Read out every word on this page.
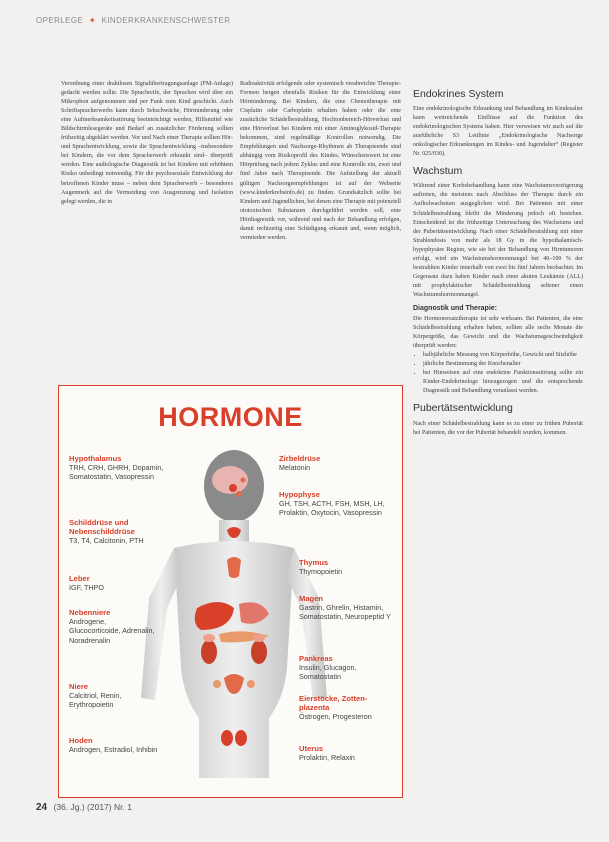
OPERLEGE ✦ KINDERKRANKENSCHWESTER

Verordnung einer drahtlosen Signalübertragungsanlage (FM-Anlage) gedacht werden sollte. Die Sprachreife, der Sprachen wird über ein Mikrophon aufgenommen und per Funk zum Kind geschickt. Auch Schriftspracherwerbs kann durch Sehschwäche, Hörminderung oder eine Aufmerksamkeitsstörung beeinträchtigt werden, Hilfsmittel wie Bildschirmlesegeräte und Bedarf an zusätzlicher Förderung sollten frühzeitig abgeklärt werden. Vor und Nach einer Therapie sollten Hör- und Sprachentwicklung, sowie die Sprachentwicklung –insbesondere bei Kindern, die vor dem Spracherwerb erkrankt sind– überprüft werden. Eine audiologische Diagnostik ist bei Kindern mit erhöhtem Risiko unbedingt notwendig. Für die psychosoziale Entwicklung der betroffenen Kinder muss – neben dem Spracherwerb – besonderes Augenmerk auf die Vermeidung von Ausgrenzung und Isolation gelegt werden, die in

Radioaktivität erfolgende oder systemisch verabreichte Therapie-Formen bergen ebenfalls Risiken für die Entwicklung einer Hörminderung. Bei Kindern, die eine Chemotherapie mit Cisplatin oder Carboplatin erhalten haben oder die eine zusätzliche Schädelbestrahlung, Hochtonbereich-Hörverlust und eine Hörverlust bei Kindern mit einer Aminoglykosid-Therapie bekommen, sind regelmäßige Kontrollen notwendig. Die Empfehlungen und Nachsorge-Rhythmen ab Therapieende sind abhängig vom Risikoprofil des Kindes. Wünschenswert ist eine Hörprüfung nach jedem Zyklus und eine Kontrolle ein, zwei und fünf Jahre nach Therapieende. Die Aufstellung der aktuell gültigen Nachsorgeempfehlungen ist auf der Webseite (www.kinderkrebsinfo.de) zu finden. Grundsätzlich sollte bei Kindern und Jugendlichen, bei denen eine Therapie mit potenziell ototoxischen Substanzen durchgeführt werden soll, eine Hördiagnostik vor, während und nach der Behandlung erfolgen, damit rechtzeitig eine Schädigung erkannt und, wenn möglich, vermieden werden.

Endokrines System

Eine endokrinologische Erkrankung und Behandlung im Kindesalter kann weitreichende Einflüsse auf die Funktion des endokrinologischen Systems haben. Hier verweisen wir auch auf die ausführliche S3 Leitlinie „Endokrinologische Nachsorge onkologischer Erkrankungen im Kindes- und Jugendalter“ (Register Nr. 025/030).

Wachstum

Während einer Krebsbehandlung kann eine Wachstumsverzögerung auftreten, die meistens nach Abschluss der Therapie durch ein Aufholwachstum ausgeglichen wird. Bei Patienten mit einer Schädelbestrahlung bleibt die Minderung jedoch oft bestehen. Entscheidend ist die frühzeitige Untersuchung des Wachstums und der Pubertätsentwicklung. Nach einer Schädelbestrahlung mit einer Strahlendosis von mehr als 18 Gy in die hypothalamisch-hypophysäre Region, wie sie bei der Behandlung von Hirntumoren erfolgt, wird ein Wachstumshormonmangel bei 40–100 % der bestrahlten Kinder innerhalb von zwei bis fünf Jahren beobachtet. Im Gegensatz dazu haben Kinder nach einer akuten Leukämie (ALL) mit prophylaktischer Schädelbestrahlung seltener einen Wachstumshormonmangel.

Diagnostik und Therapie:

Die Hormonersatztherapie ist sehr wirksam. Bei Patienten, die eine Schädelbestrahlung erhalten haben, sollten alle sechs Monate die Körpergröße, das Gewicht und die Wachstumsgeschwindigkeit überprüft werden:

• halbjährliche Messung von Körperhöhe, Gewicht und Sitzhöhe
• jährliche Bestimmung der Knochenalter
• bei Hinweisen auf eine endokrine Funktionsstörung sollte ein Kinder-Endokrinologe hinzugezogen und die entsprechende Diagnostik und Behandlung veranlasst werden.
Pubertätsentwicklung

Nach einer Schädelbestrahlung kann es zu einer zu frühen Pubertät bei Patienten, die vor der Pubertät behandelt wurden, kommen.

HORMONE
Hypothalamus
TRH, CRH, GHRH, Dopamin, Somatostatin, Vasopressin
Schilddrüse und Nebenschilddrüse
T3, T4, Calcitonin, PTH
Leber
IGF, THPO
Nebenniere
Androgene, Glucocorticoide, Adrenalin, Noradrenalin
Niere
Calcitriol, Renin, Erythropoietin
Hoden
Androgen, Estradiol, Inhibin
Zirbeldrüse
Melatonin
Hypophyse
GH, TSH, ACTH, FSH, MSH, LH, Prolaktin, Oxytocin, Vasopressin
Thymus
Thymopoietin
Magen
Gastrin, Ghrelin, Histamin, Somatostatin, Neuropeptid Y
Pankreas
Insulin, Glucagon, Somatostatin
Eierstöcke, Zotten-plazenta
Östrogen, Progesteron
Uterus
Prolaktin, Relaxin
24 (36. Jg.) (2017) Nr. 1
